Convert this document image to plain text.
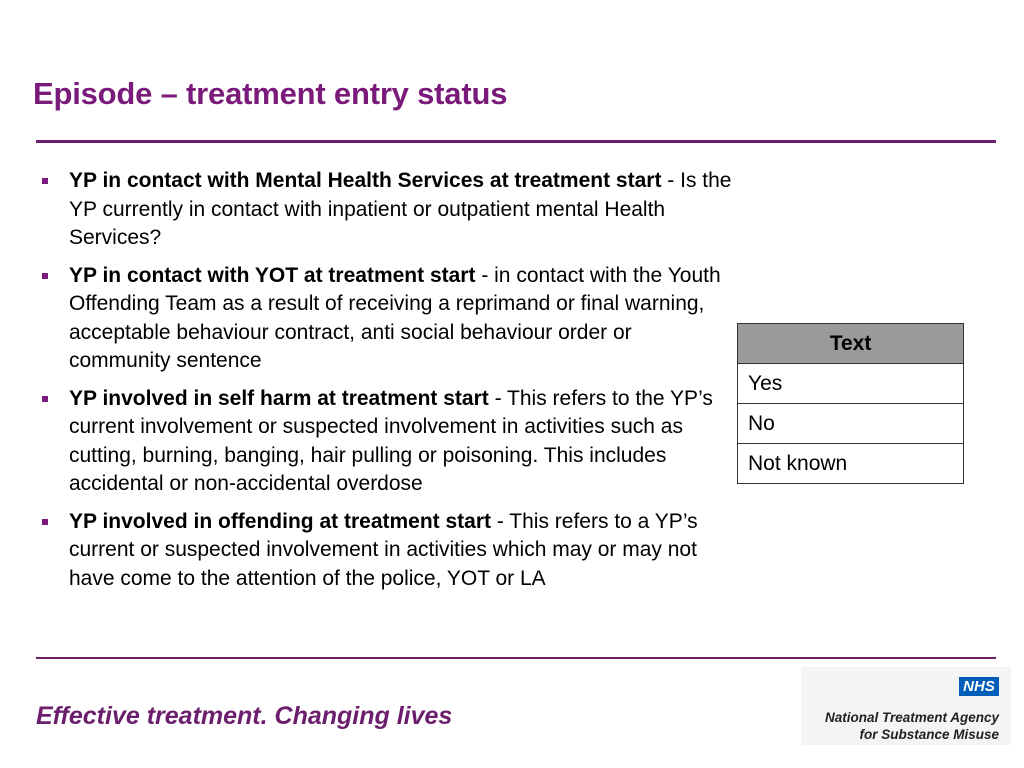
Episode – treatment entry status
YP in contact with Mental Health Services at treatment start - Is the YP currently in contact with inpatient or outpatient mental Health Services?
YP in contact with YOT at treatment start - in contact with the Youth Offending Team as a result of receiving a reprimand or final warning, acceptable behaviour contract, anti social behaviour order or community sentence
YP involved in self harm at treatment start - This refers to the YP’s current involvement or suspected involvement in activities such as cutting, burning, banging, hair pulling or poisoning. This includes accidental or non-accidental overdose
YP involved in offending at treatment start - This refers to a YP’s current or suspected involvement in activities which may or may not have come to the attention of the police, YOT or LA
Text
Yes
No
Not known
Effective treatment. Changing lives
NHS
National Treatment Agency
for Substance Misuse
